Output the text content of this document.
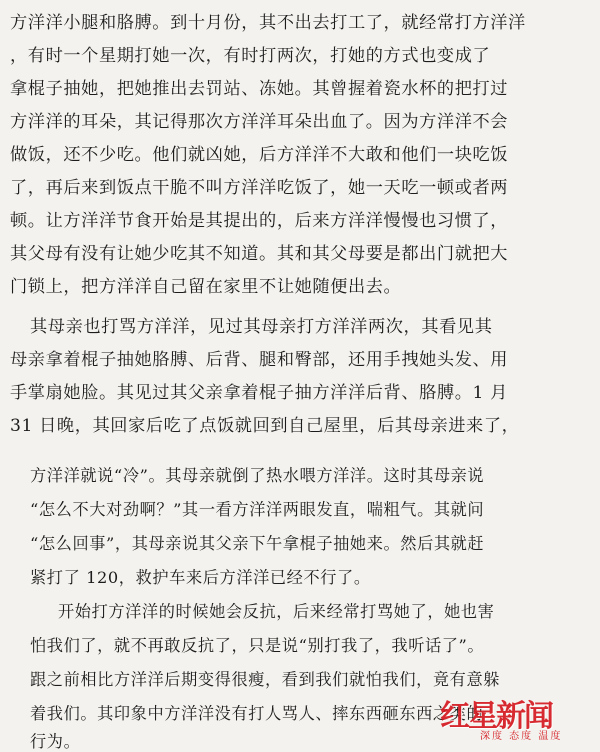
方洋洋小腿和胳膊。到十月份，其不出去打工了，就经常打方洋洋
，有时一个星期打她一次，有时打两次，打她的方式也变成了
拿棍子抽她，把她推出去罚站、冻她。其曾握着瓷水杯的把打过
方洋洋的耳朵，其记得那次方洋洋耳朵出血了。因为方洋洋不会
做饭，还不少吃。他们就凶她，后方洋洋不大敢和他们一块吃饭
了，再后来到饭点干脆不叫方洋洋吃饭了，她一天吃一顿或者两
顿。让方洋洋节食开始是其提出的，后来方洋洋慢慢也习惯了，
其父母有没有让她少吃其不知道。其和其父母要是都出门就把大
门锁上，把方洋洋自己留在家里不让她随便出去。
其母亲也打骂方洋洋，见过其母亲打方洋洋两次，其看见其
母亲拿着棍子抽她胳膊、后背、腿和臀部，还用手拽她头发、用
手掌扇她脸。其见过其父亲拿着棍子抽方洋洋后背、胳膊。1 月
31 日晚，其回家后吃了点饭就回到自己屋里，后其母亲进来了，
方洋洋就说“冷”。其母亲就倒了热水喂方洋洋。这时其母亲说
“怎么不大对劲啊？”其一看方洋洋两眼发直，喘粗气。其就问
“怎么回事”，其母亲说其父亲下午拿棍子抽她来。然后其就赶
紧打了 120，救护车来后方洋洋已经不行了。
开始打方洋洋的时候她会反抗，后来经常打骂她了，她也害
怕我们了，就不再敢反抗了，只是说“别打我了，我听话了”。
跟之前相比方洋洋后期变得很瘦，看到我们就怕我们，竟有意躲
着我们。其印象中方洋洋没有打人骂人、摔东西砸东西之类的
行为。
红星新闻
深度 态度 温度
